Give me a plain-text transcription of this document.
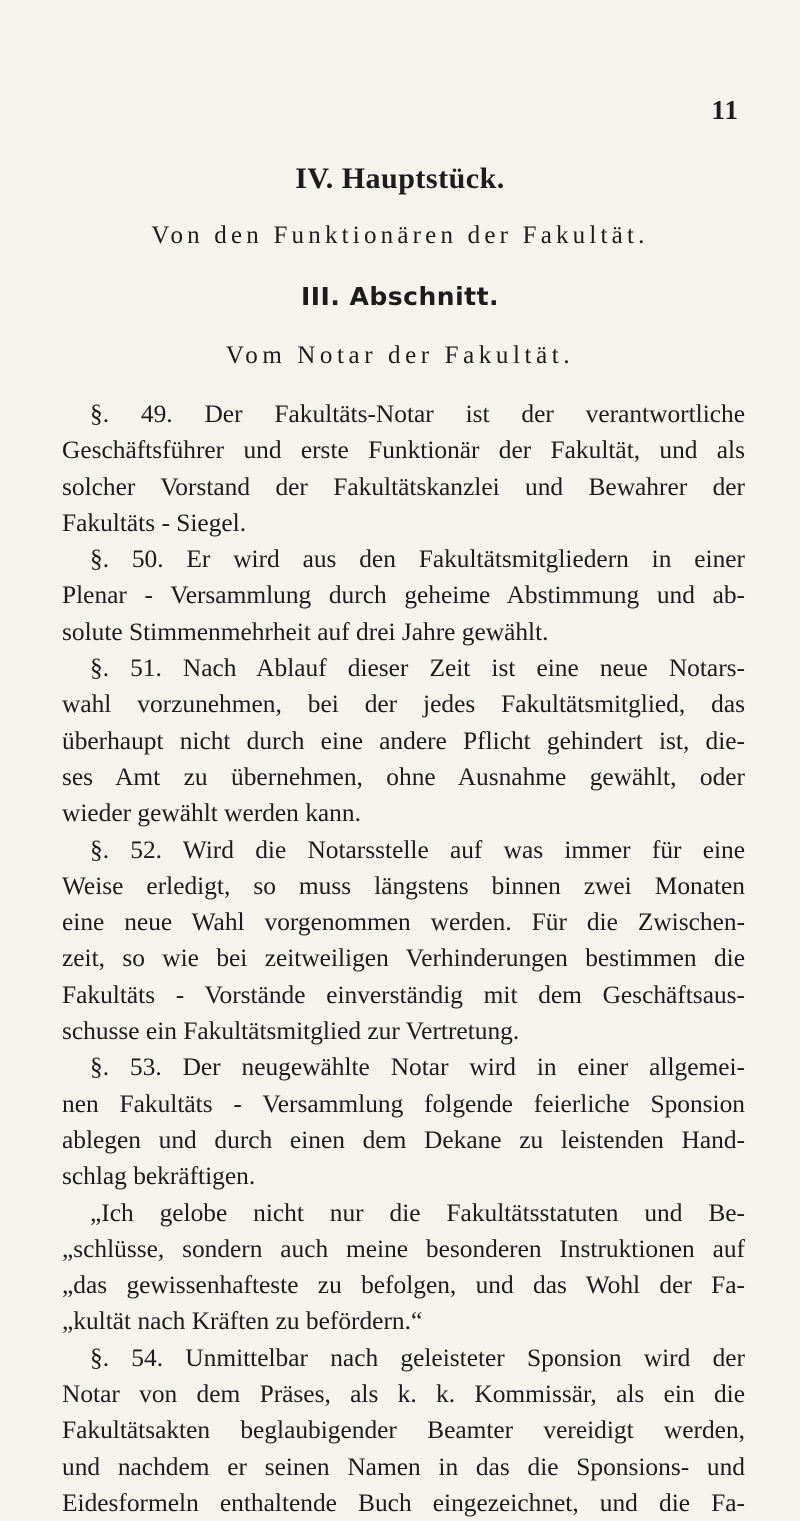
11
IV. Hauptstück.
Von den Funktionären der Fakultät.
III. Abschnitt.
Vom Notar der Fakultät.
§. 49. Der Fakultäts-Notar ist der verantwortliche
Geschäftsführer und erste Funktionär der Fakultät, und als
solcher Vorstand der Fakultätskanzlei und Bewahrer der
Fakultäts - Siegel.
§. 50. Er wird aus den Fakultätsmitgliedern in einer
Plenar - Versammlung durch geheime Abstimmung und ab-
solute Stimmenmehrheit auf drei Jahre gewählt.
§. 51. Nach Ablauf dieser Zeit ist eine neue Notars-
wahl vorzunehmen, bei der jedes Fakultätsmitglied, das
überhaupt nicht durch eine andere Pflicht gehindert ist, die-
ses Amt zu übernehmen, ohne Ausnahme gewählt, oder
wieder gewählt werden kann.
§. 52. Wird die Notarsstelle auf was immer für eine
Weise erledigt, so muss längstens binnen zwei Monaten
eine neue Wahl vorgenommen werden. Für die Zwischen-
zeit, so wie bei zeitweiligen Verhinderungen bestimmen die
Fakultäts - Vorstände einverständig mit dem Geschäftsaus-
schusse ein Fakultätsmitglied zur Vertretung.
§. 53. Der neugewählte Notar wird in einer allgemei-
nen Fakultäts - Versammlung folgende feierliche Sponsion
ablegen und durch einen dem Dekane zu leistenden Hand-
schlag bekräftigen.
„Ich gelobe nicht nur die Fakultätsstatuten und Be-
„schlüsse, sondern auch meine besonderen Instruktionen auf
„das gewissenhafteste zu befolgen, und das Wohl der Fa-
„kultät nach Kräften zu befördern.“
§. 54. Unmittelbar nach geleisteter Sponsion wird der
Notar von dem Präses, als k. k. Kommissär, als ein die
Fakultätsakten beglaubigender Beamter vereidigt werden,
und nachdem er seinen Namen in das die Sponsions- und
Eidesformeln enthaltende Buch eingezeichnet, und die Fa-
